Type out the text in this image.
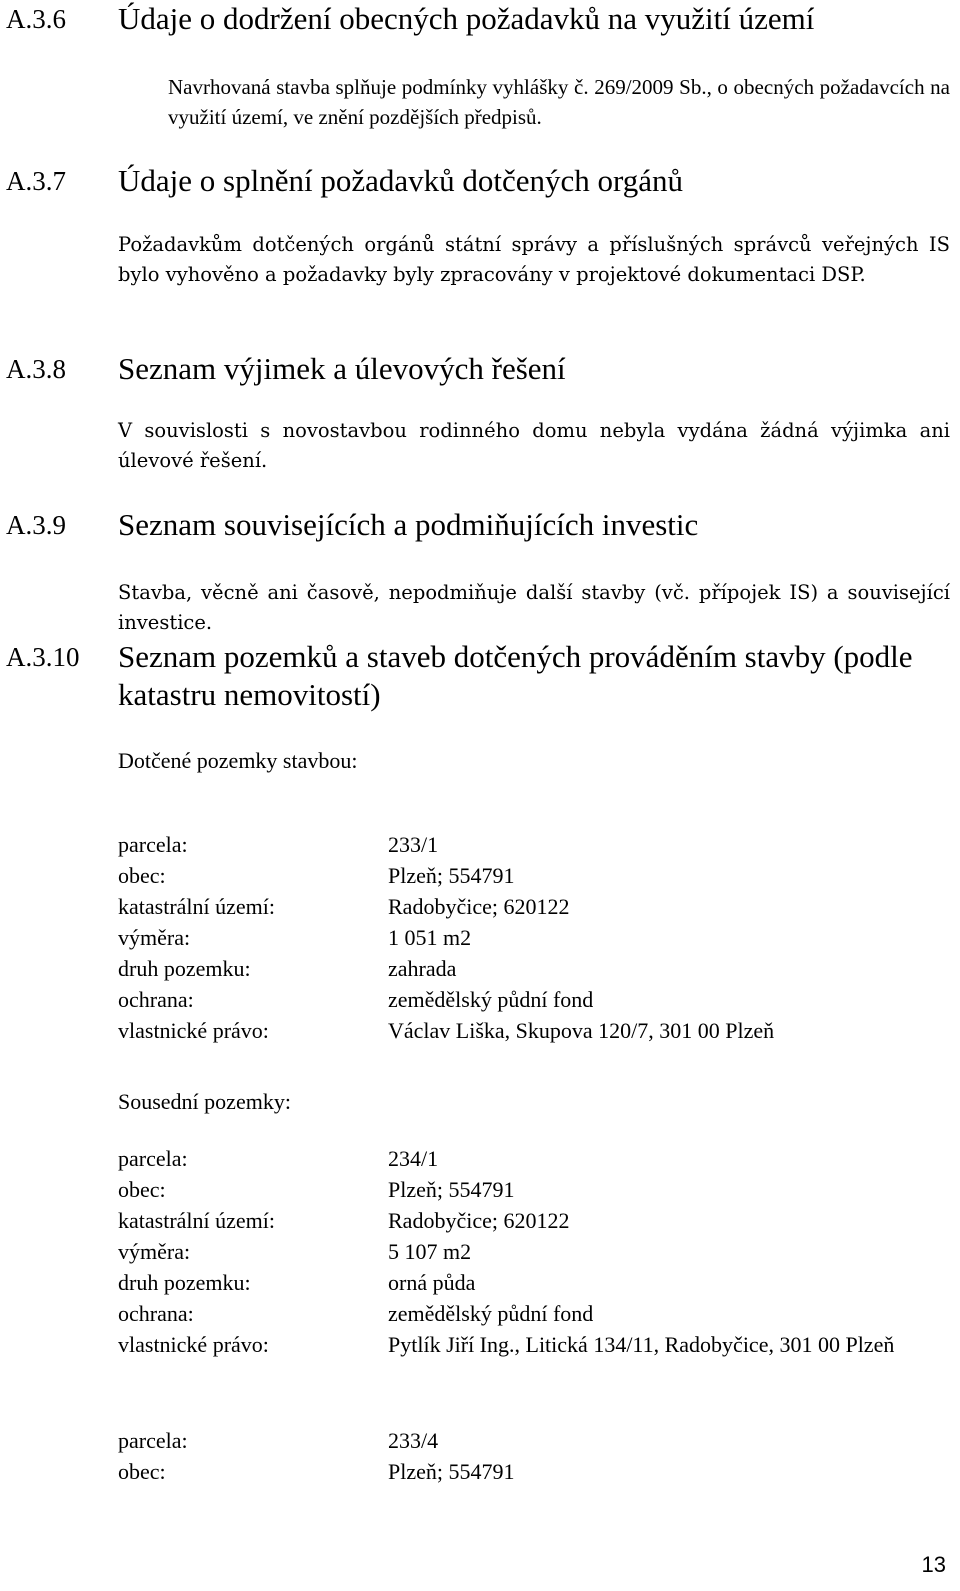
A.3.6 Údaje o dodržení obecných požadavků na využití území
Navrhovaná stavba splňuje podmínky vyhlášky č. 269/2009 Sb., o obecných požadavcích na využití území, ve znění pozdějších předpisů.
A.3.7 Údaje o splnění požadavků dotčených orgánů
Požadavkům dotčených orgánů státní správy a příslušných správců veřejných IS bylo vyhověno a požadavky byly zpracovány v projektové dokumentaci DSP.
A.3.8 Seznam výjimek a úlevových řešení
V souvislosti s novostavbou rodinného domu nebyla vydána žádná výjimka ani úlevové řešení.
A.3.9 Seznam souvisejících a podmiňujících investic
Stavba, věcně ani časově, nepodmiňuje další stavby (vč. přípojek IS) a související investice.
A.3.10 Seznam pozemků a staveb dotčených prováděním stavby (podle katastru nemovitostí)
Dotčené pozemky stavbou:
parcela:	233/1
obec:	Plzeň; 554791
katastrální území:	Radobyčice; 620122
výměra:	1 051 m2
druh pozemku:	zahrada
ochrana:	zemědělský půdní fond
vlastnické právo:	Václav Liška, Skupova 120/7, 301 00 Plzeň
Sousední pozemky:
parcela:	234/1
obec:	Plzeň; 554791
katastrální území:	Radobyčice; 620122
výměra:	5 107 m2
druh pozemku:	orná půda
ochrana:	zemědělský půdní fond
vlastnické právo:	Pytlík Jiří Ing., Litická 134/11, Radobyčice, 301 00 Plzeň
parcela:	233/4
obec:	Plzeň; 554791
13
